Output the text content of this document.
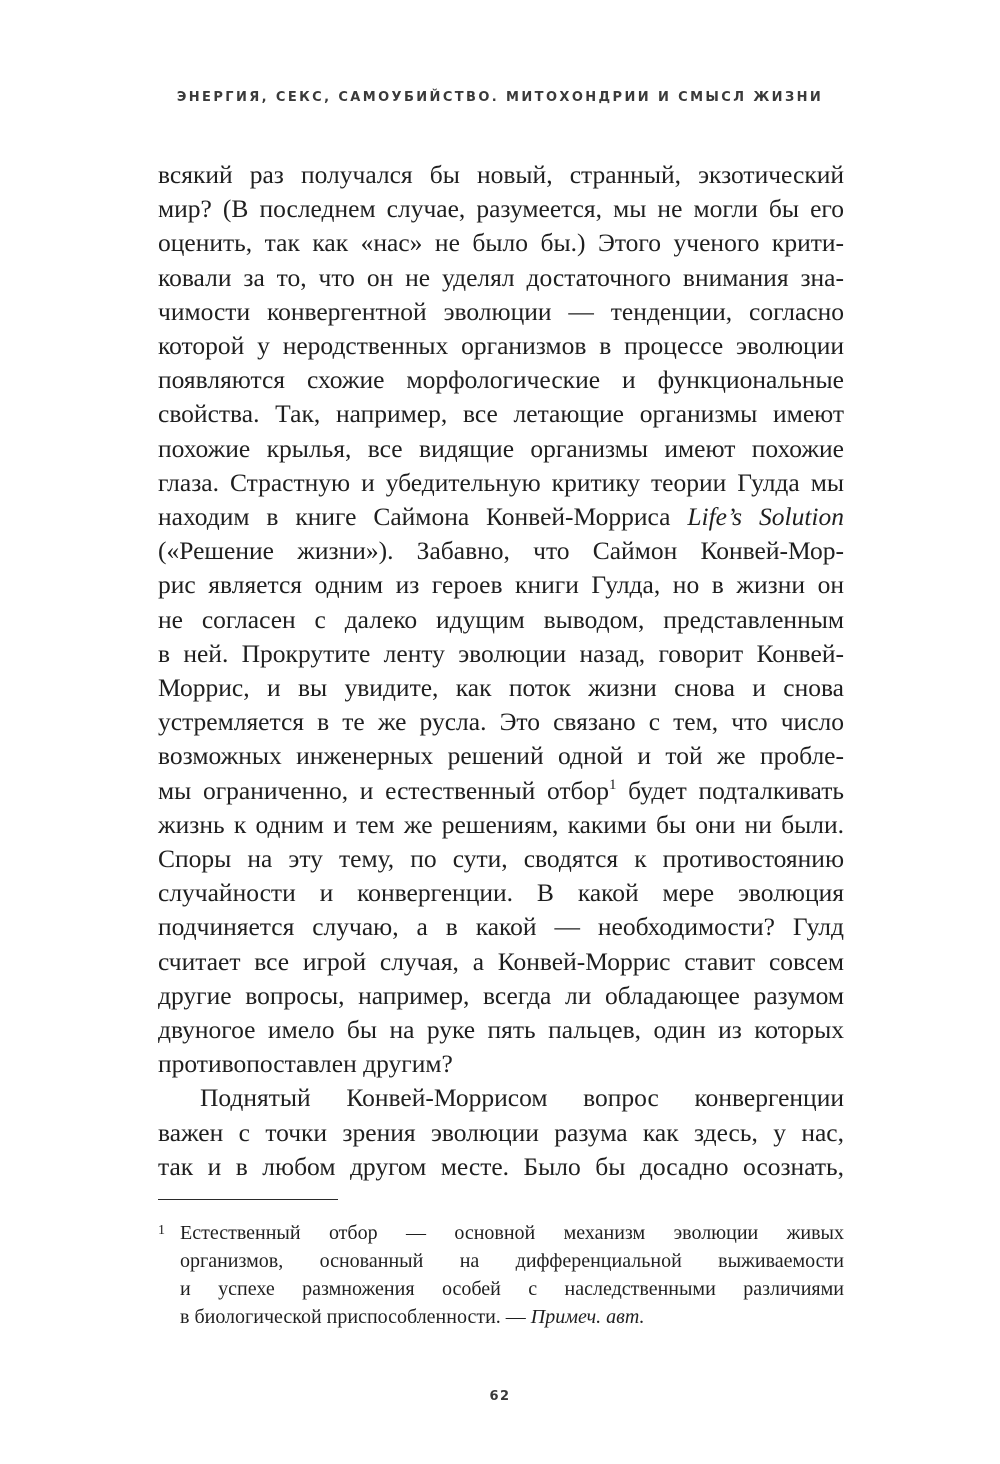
ЭНЕРГИЯ, СЕКС, САМОУБИЙСТВО. МИТОХОНДРИИ И СМЫСЛ ЖИЗНИ
всякий раз получался бы новый, странный, экзотический
мир? (В последнем случае, разумеется, мы не могли бы его
оценить, так как «нас» не было бы.) Этого ученого крити-
ковали за то, что он не уделял достаточного внимания зна-
чимости конвергентной эволюции — тенденции, согласно
которой у неродственных организмов в процессе эволюции
появляются схожие морфологические и функциональные
свойства. Так, например, все летающие организмы имеют
похожие крылья, все видящие организмы имеют похожие
глаза. Страстную и убедительную критику теории Гулда мы
находим в книге Саймона Конвей-Морриса Life’s Solution
(«Решение жизни»). Забавно, что Саймон Конвей-Мор-
рис является одним из героев книги Гулда, но в жизни он
не согласен с далеко идущим выводом, представленным
в ней. Прокрутите ленту эволюции назад, говорит Конвей-
Моррис, и вы увидите, как поток жизни снова и снова
устремляется в те же русла. Это связано с тем, что число
возможных инженерных решений одной и той же пробле-
мы ограниченно, и естественный отбор$^1$ будет подталкивать
жизнь к одним и тем же решениям, какими бы они ни были.
Споры на эту тему, по сути, сводятся к противостоянию
случайности и конвергенции. В какой мере эволюция
подчиняется случаю, а в какой — необходимости? Гулд
считает все игрой случая, а Конвей-Моррис ставит совсем
другие вопросы, например, всегда ли обладающее разумом
двуногое имело бы на руке пять пальцев, один из которых
противопоставлен другим?
Поднятый Конвей-Моррисом вопрос конвергенции
важен с точки зрения эволюции разума как здесь, у нас,
так и в любом другом месте. Было бы досадно осознать,
1 Естественный отбор — основной механизм эволюции живых
организмов, основанный на дифференциальной выживаемости
и успехе размножения особей с наследственными различиями
в биологической приспособленности. — Примеч. авт.
62
